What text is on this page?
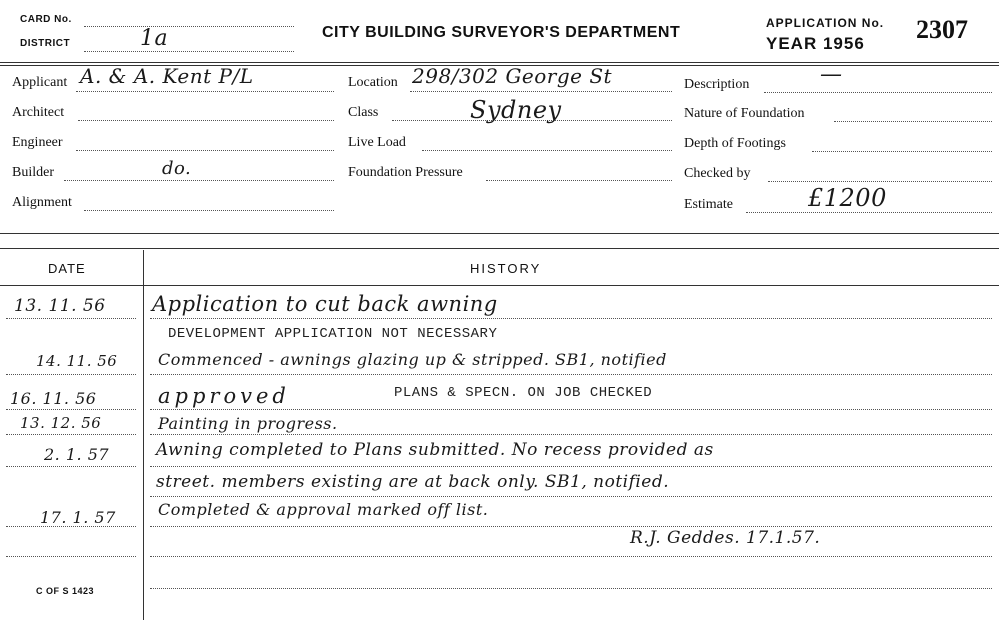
CARD No.
DISTRICT	1a	CITY BUILDING SURVEYOR'S DEPARTMENT
APPLICATION No.
YEAR 1956 2307
Applicant A. & A. Kent P/L
Architect
Engineer
Builder	do.
Alignment
Location 298/302 George St
Class	Sydney
Live Load
Foundation Pressure
Description	—
Nature of Foundation
Depth of Footings
Checked by
Estimate	£1200
DATE	HISTORY
13. 11. 56 Application to cut back awning
DEVELOPMENT APPLICATION NOT NECESSARY
14. 11. 56	Commenced - awnings glazing up & stripped. SB1, notified
16. 11. 56	approved	PLANS & SPECN. ON JOB CHECKED
13. 12. 56	Painting in progress.
2. 1. 57	Awning completed to Plans submitted. No recess provided as
street. members existing are at back only. SB1, notified.
17. 1. 57	Completed & approval marked off list.
R.J. Geddes. 17.1.57.
C OF S 1423
